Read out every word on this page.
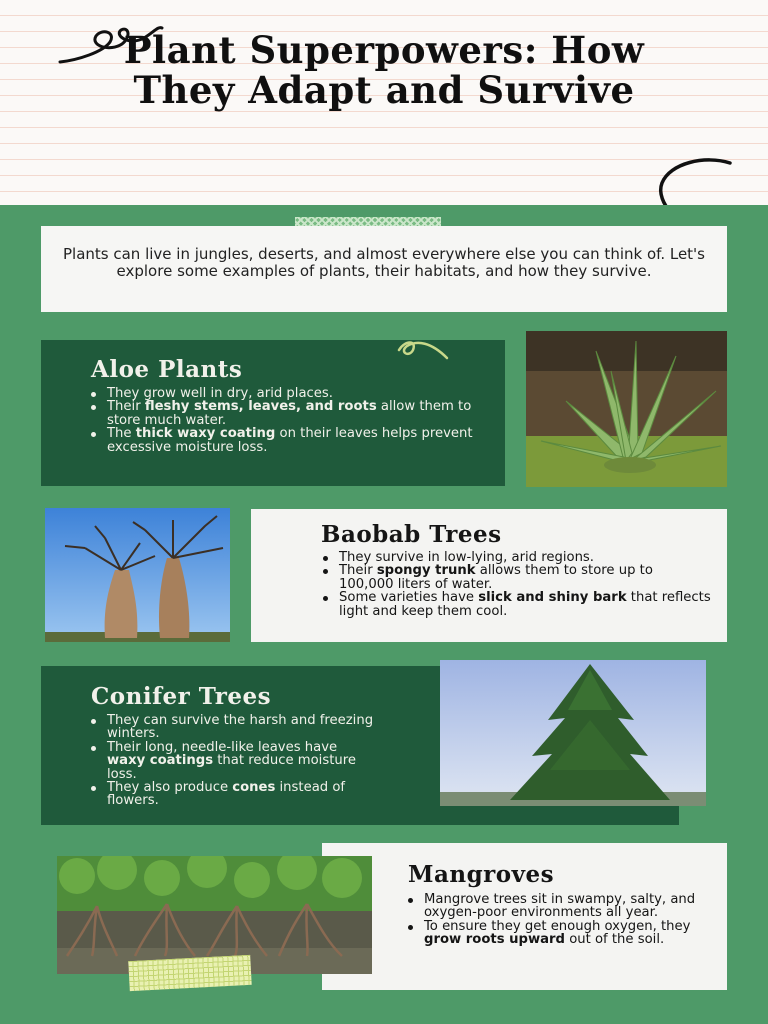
Plant Superpowers: How They Adapt and Survive

Plants can live in jungles, deserts, and almost everywhere else you can think of. Let's explore some examples of plants, their habitats, and how they survive.

Aloe Plants
They grow well in dry, arid places.
Their fleshy stems, leaves, and roots allow them to store much water.
The thick waxy coating on their leaves helps prevent excessive moisture loss.
Baobab Trees
They survive in low-lying, arid regions.
Their spongy trunk allows them to store up to 100,000 liters of water.
Some varieties have slick and shiny bark that reflects light and keep them cool.
Conifer Trees
They can survive the harsh and freezing winters.
Their long, needle-like leaves have waxy coatings that reduce moisture loss.
They also produce cones instead of flowers.
Mangroves
Mangrove trees sit in swampy, salty, and oxygen-poor environments all year.
To ensure they get enough oxygen, they grow roots upward out of the soil.
